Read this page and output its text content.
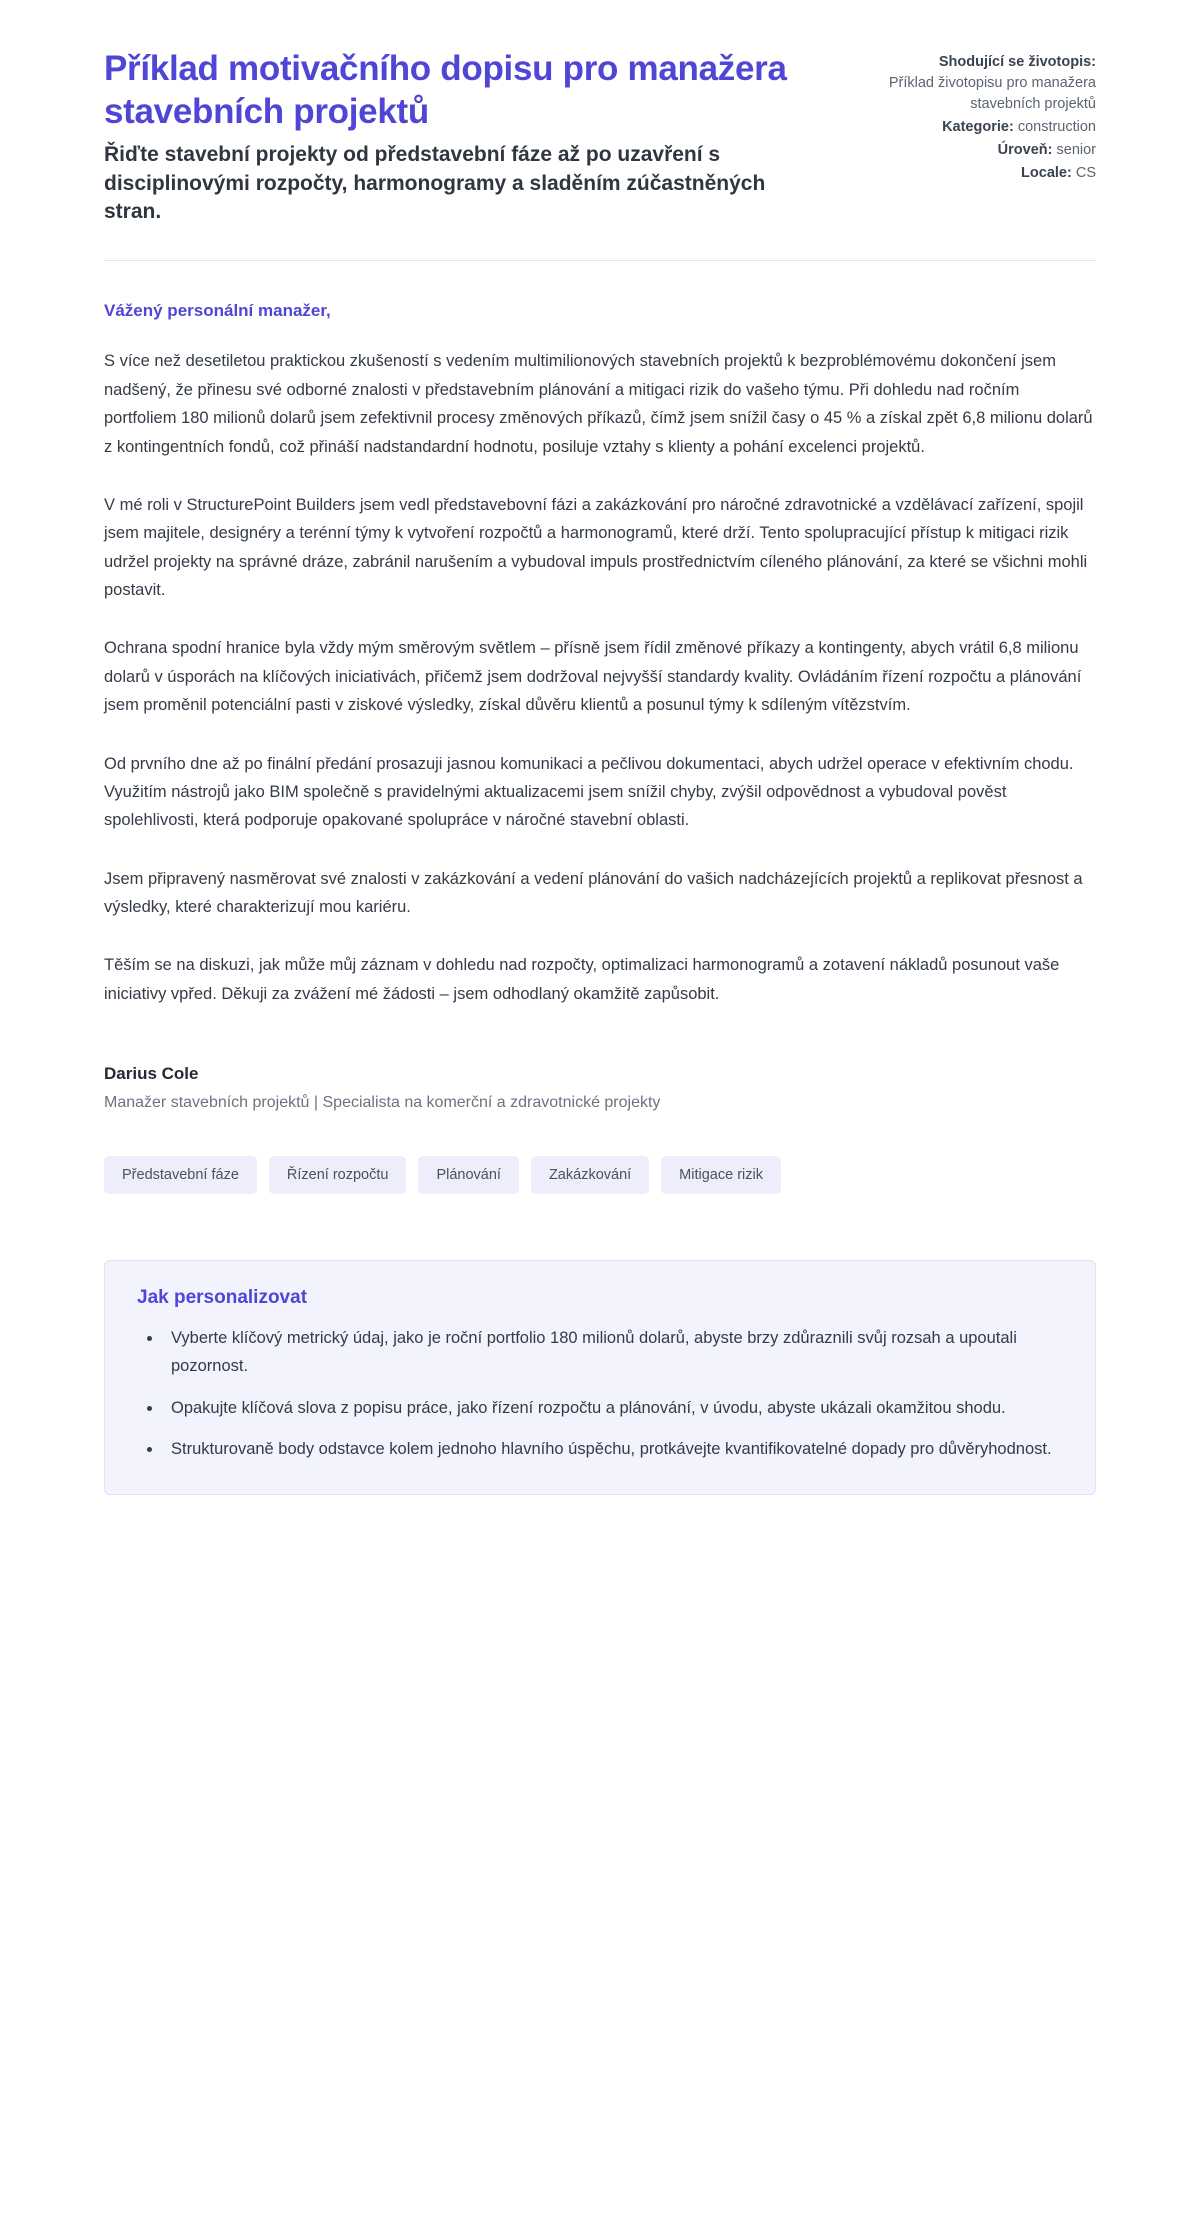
Příklad motivačního dopisu pro manažera stavebních projektů

Řiďte stavební projekty od představební fáze až po uzavření s disciplinovými rozpočty, harmonogramy a sladěním zúčastněných stran.

Shodující se životopis:
Příklad životopisu pro manažera stavebních projektů
Kategorie: construction
Úroveň: senior
Locale: CS

Vážený personální manažer,

S více než desetiletou praktickou zkušeností s vedením multimilionových stavebních projektů k bezproblémovému dokončení jsem nadšený, že přinesu své odborné znalosti v představebním plánování a mitigaci rizik do vašeho týmu. Při dohledu nad ročním portfoliem 180 milionů dolarů jsem zefektivnil procesy změnových příkazů, čímž jsem snížil časy o 45 % a získal zpět 6,8 milionu dolarů z kontingentních fondů, což přináší nadstandardní hodnotu, posiluje vztahy s klienty a pohání excelenci projektů.

V mé roli v StructurePoint Builders jsem vedl představebovní fázi a zakázkování pro náročné zdravotnické a vzdělávací zařízení, spojil jsem majitele, designéry a terénní týmy k vytvoření rozpočtů a harmonogramů, které drží. Tento spolupracující přístup k mitigaci rizik udržel projekty na správné dráze, zabránil narušením a vybudoval impuls prostřednictvím cíleného plánování, za které se všichni mohli postavit.

Ochrana spodní hranice byla vždy mým směrovým světlem – přísně jsem řídil změnové příkazy a kontingenty, abych vrátil 6,8 milionu dolarů v úsporách na klíčových iniciativách, přičemž jsem dodržoval nejvyšší standardy kvality. Ovládáním řízení rozpočtu a plánování jsem proměnil potenciální pasti v ziskové výsledky, získal důvěru klientů a posunul týmy k sdíleným vítězstvím.

Od prvního dne až po finální předání prosazuji jasnou komunikaci a pečlivou dokumentaci, abych udržel operace v efektivním chodu. Využitím nástrojů jako BIM společně s pravidelnými aktualizacemi jsem snížil chyby, zvýšil odpovědnost a vybudoval pověst spolehlivosti, která podporuje opakované spolupráce v náročné stavební oblasti.

Jsem připravený nasměrovat své znalosti v zakázkování a vedení plánování do vašich nadcházejících projektů a replikovat přesnost a výsledky, které charakterizují mou kariéru.

Těším se na diskuzi, jak může můj záznam v dohledu nad rozpočty, optimalizaci harmonogramů a zotavení nákladů posunout vaše iniciativy vpřed. Děkuji za zvážení mé žádosti – jsem odhodlaný okamžitě zapůsobit.

Darius Cole

Manažer stavebních projektů | Specialista na komerční a zdravotnické projekty

Představební fáze	Řízení rozpočtu	Plánování	Zakázkování	Mitigace rizik
Jak personalizovat
• Vyberte klíčový metrický údaj, jako je roční portfolio 180 milionů dolarů, abyste brzy zdůraznili svůj rozsah a upoutali pozornost.
• Opakujte klíčová slova z popisu práce, jako řízení rozpočtu a plánování, v úvodu, abyste ukázali okamžitou shodu.
• Strukturovaně body odstavce kolem jednoho hlavního úspěchu, protkávejte kvantifikovatelné dopady pro důvěryhodnost.
